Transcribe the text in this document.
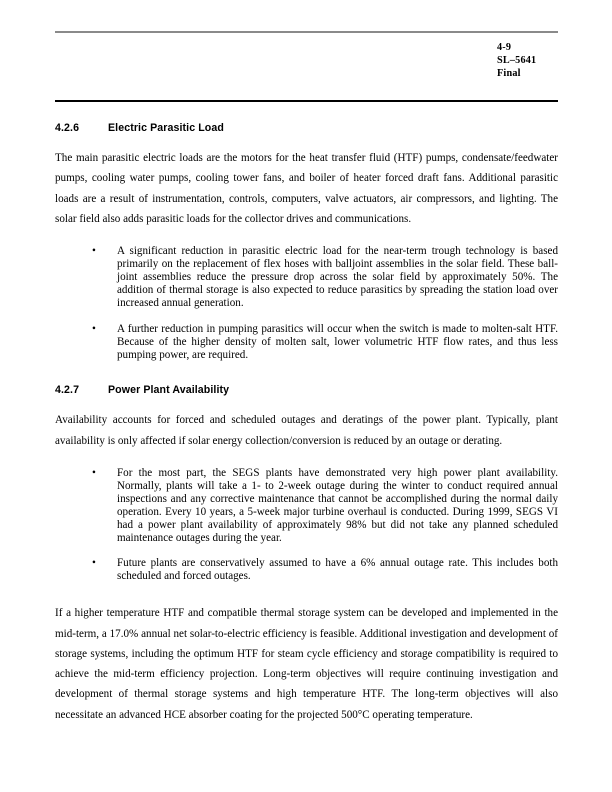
4-9
SL–5641
Final
4.2.6	Electric Parasitic Load

The main parasitic electric loads are the motors for the heat transfer fluid (HTF) pumps, condensate/feedwater pumps, cooling water pumps, cooling tower fans, and boiler of heater forced draft fans. Additional parasitic loads are a result of instrumentation, controls, computers, valve actuators, air compressors, and lighting. The solar field also adds parasitic loads for the collector drives and communications.

•	A significant reduction in parasitic electric load for the near-term trough technology is based primarily on the replacement of flex hoses with balljoint assemblies in the solar field. These ball-joint assemblies reduce the pressure drop across the solar field by approximately 50%. The addition of thermal storage is also expected to reduce parasitics by spreading the station load over increased annual generation.
•	A further reduction in pumping parasitics will occur when the switch is made to molten-salt HTF. Because of the higher density of molten salt, lower volumetric HTF flow rates, and thus less pumping power, are required.
4.2.7	Power Plant Availability

Availability accounts for forced and scheduled outages and deratings of the power plant. Typically, plant availability is only affected if solar energy collection/conversion is reduced by an outage or derating.

•	For the most part, the SEGS plants have demonstrated very high power plant availability. Normally, plants will take a 1- to 2-week outage during the winter to conduct required annual inspections and any corrective maintenance that cannot be accomplished during the normal daily operation. Every 10 years, a 5-week major turbine overhaul is conducted. During 1999, SEGS VI had a power plant availability of approximately 98% but did not take any planned scheduled maintenance outages during the year.
•	Future plants are conservatively assumed to have a 6% annual outage rate. This includes both scheduled and forced outages.

If a higher temperature HTF and compatible thermal storage system can be developed and implemented in the mid-term, a 17.0% annual net solar-to-electric efficiency is feasible. Additional investigation and development of storage systems, including the optimum HTF for steam cycle efficiency and storage compatibility is required to achieve the mid-term efficiency projection. Long-term objectives will require continuing investigation and development of thermal storage systems and high temperature HTF. The long-term objectives will also necessitate an advanced HCE absorber coating for the projected 500°C operating temperature.
